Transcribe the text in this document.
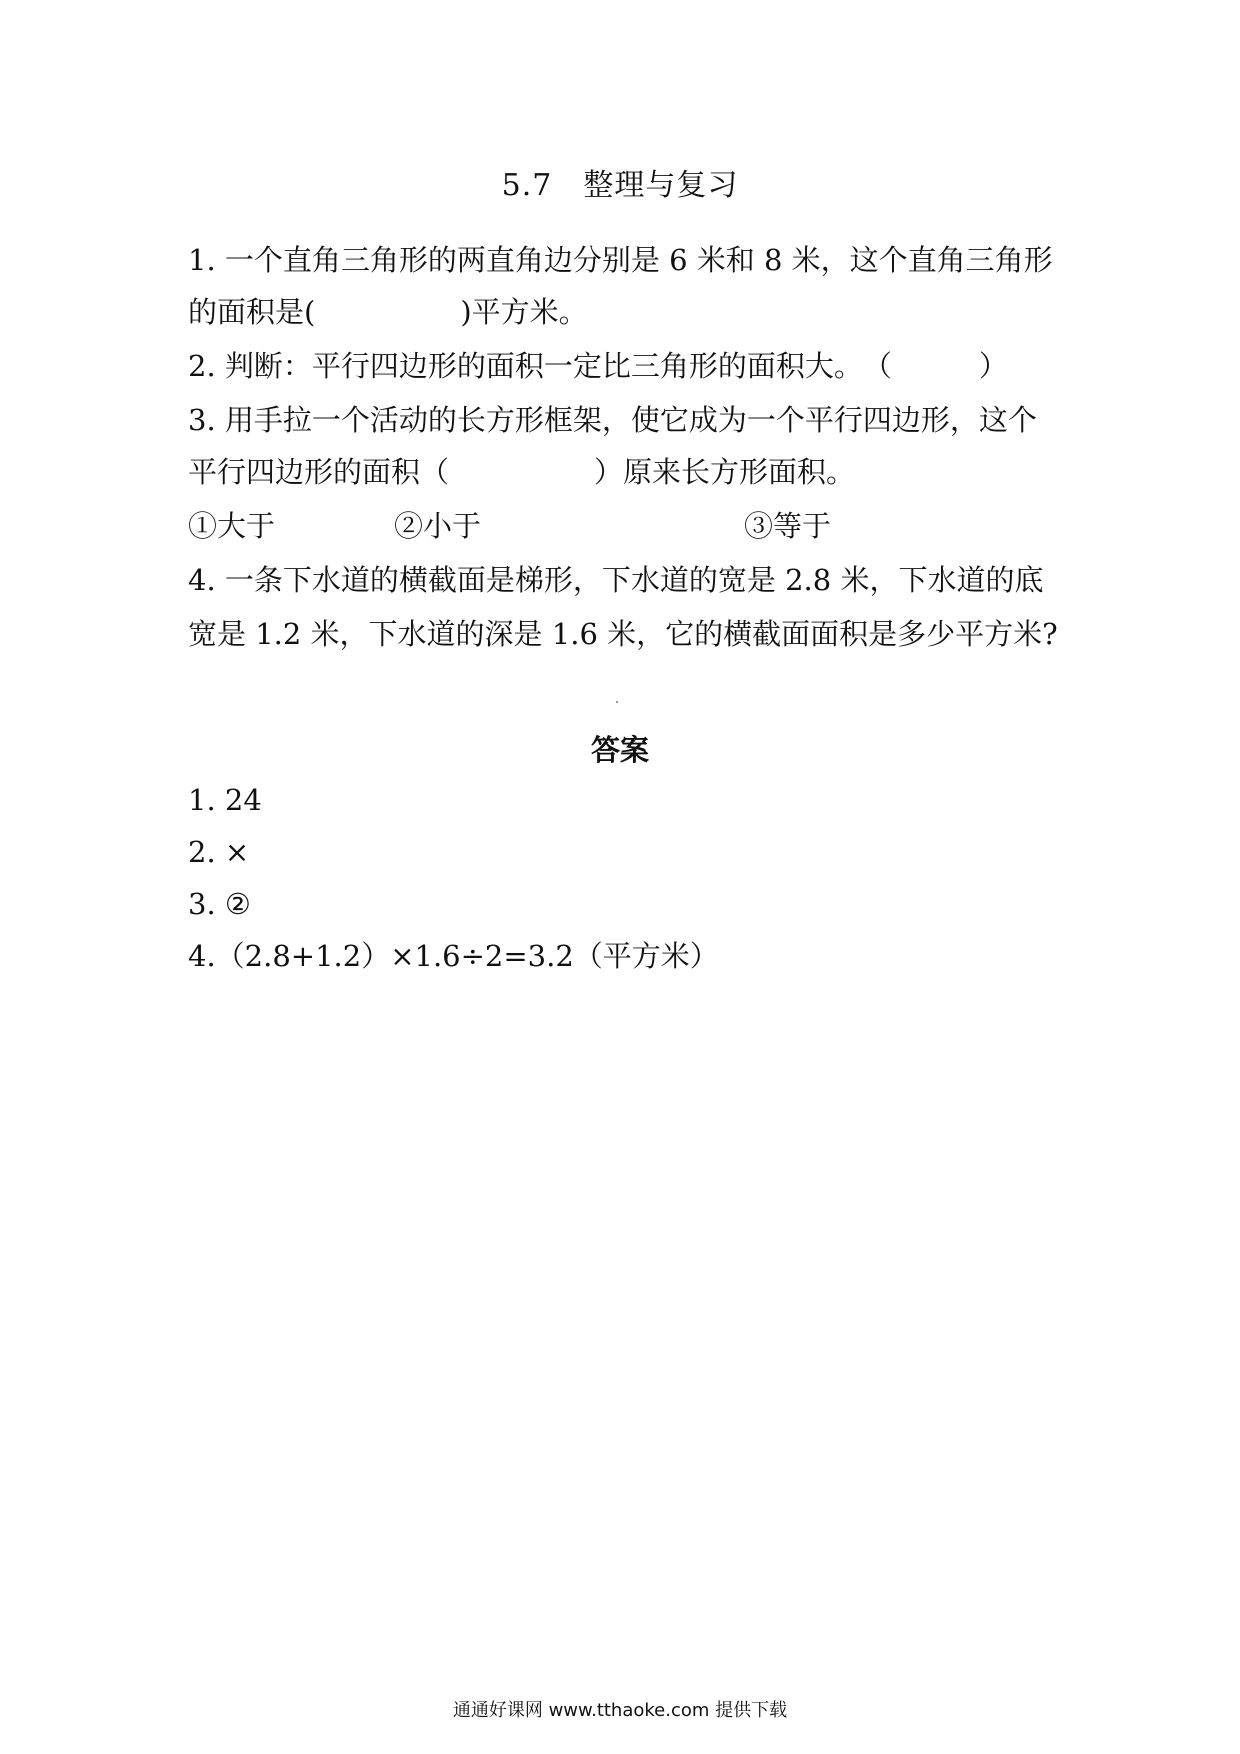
5.7　整理与复习
1. 一个直角三角形的两直角边分别是 6 米和 8 米，这个直角三角形
的面积是(　　　　　)平方米。
2. 判断：平行四边形的面积一定比三角形的面积大。　（　　　）
3. 用手拉一个活动的长方形框架，使它成为一个平行四边形，这个
平行四边形的面积（　　　　　）原来长方形面积。
①大于	②小于	③等于
4. 一条下水道的横截面是梯形，下水道的宽是 2.8 米，下水道的底
宽是 1.2 米，下水道的深是 1.6 米，它的横截面面积是多少平方米?
答案
1. 24
2. ×
3. ②
4.（2.8+1.2）×1.6÷2=3.2（平方米）
通通好课网 www.tthaoke.com 提供下载
